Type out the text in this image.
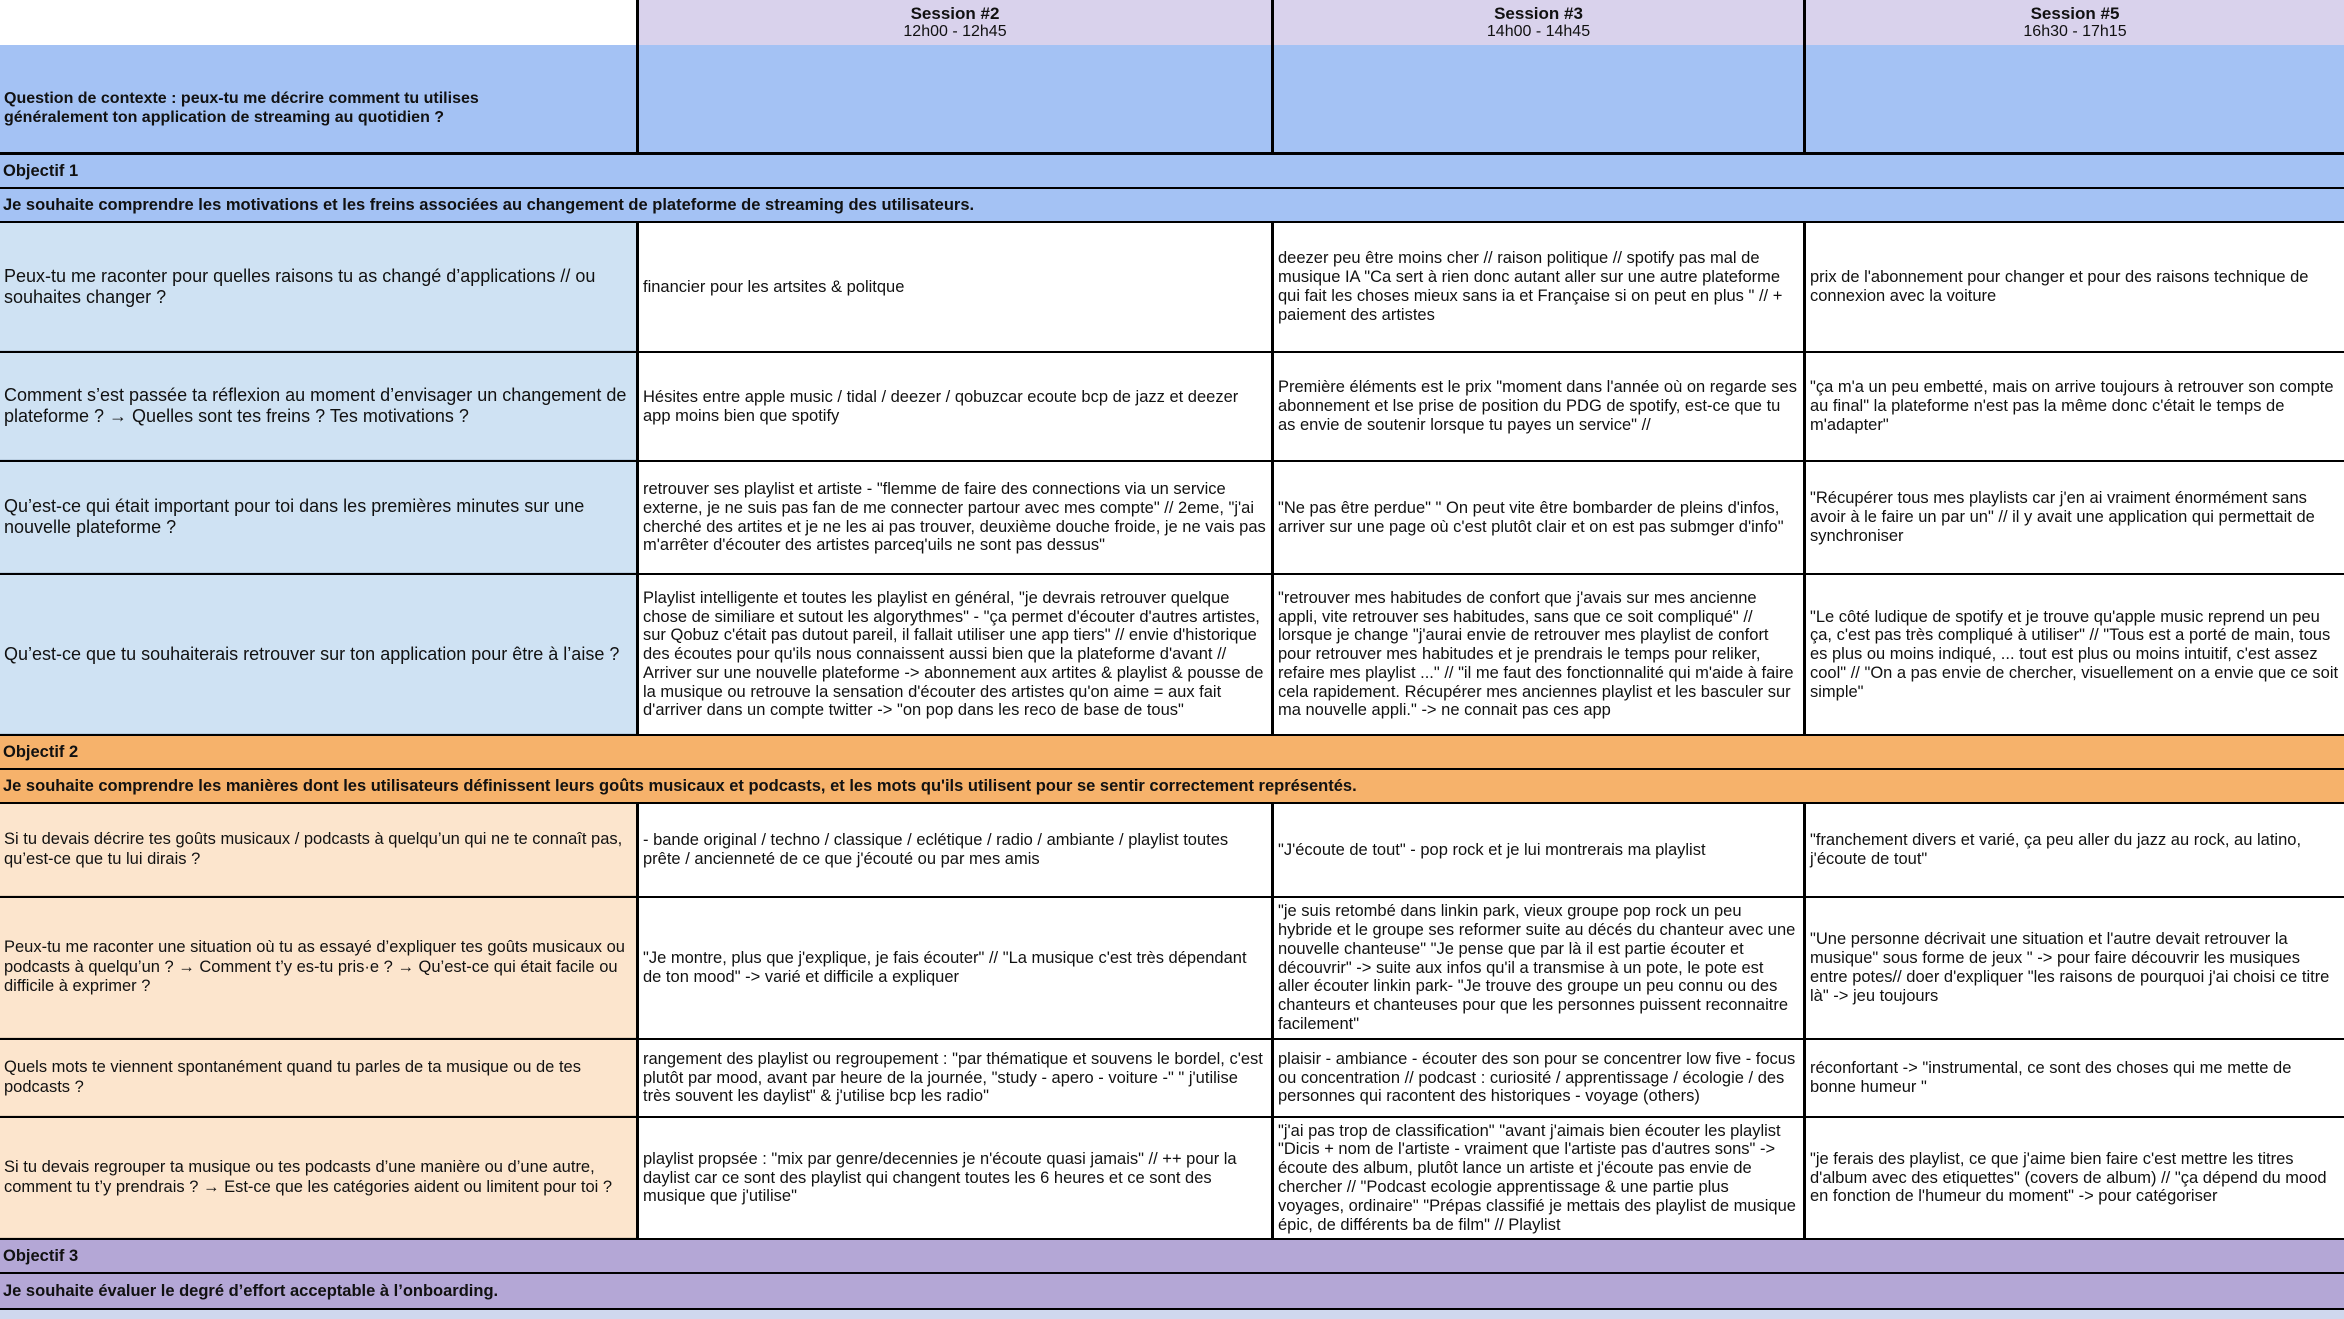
Session #2
12h00 - 12h45
Session #3
14h00 - 14h45
Session #5
16h30 - 17h15
Question de contexte : peux-tu me décrire comment tu utilises
généralement ton application de streaming au quotidien ?
Objectif 1
Je souhaite comprendre les motivations et les freins associées au changement de plateforme de streaming des utilisateurs.
Peux-tu me raconter pour quelles raisons tu as changé d’applications // ou souhaites changer ?	financier pour les artsites & politque
deezer peu être moins cher // raison politique // spotify pas mal de musique IA "Ca sert à rien donc autant aller sur une autre plateforme qui fait les choses mieux sans ia et Française si on peut en plus " // + paiement des artistes
prix de l'abonnement pour changer et pour des raisons technique de connexion avec la voiture
Comment s’est passée ta réflexion au moment d’envisager un changement de plateforme ? → Quelles sont tes freins ? Tes motivations ?
Hésites entre apple music / tidal / deezer / qobuzcar ecoute bcp de jazz et deezer app moins bien que spotify
Première éléments est le prix "moment dans l'année où on regarde ses abonnement et lse prise de position du PDG de spotify, est-ce que tu as envie de soutenir lorsque tu payes un service" //
"ça m'a un peu embetté, mais on arrive toujours à retrouver son compte au final" la plateforme n'est pas la même donc c'était le temps de m'adapter"
Qu’est-ce qui était important pour toi dans les premières minutes sur une nouvelle plateforme ?
retrouver ses playlist et artiste - "flemme de faire des connections via un service externe, je ne suis pas fan de me connecter partour avec mes compte" // 2eme, "j'ai cherché des artites et je ne les ai pas trouver, deuxième douche froide, je ne vais pas m'arrêter d'écouter des artistes parceq'uils ne sont pas dessus"
"Ne pas être perdue" " On peut vite être bombarder de pleins d'infos, arriver sur une page où c'est plutôt clair et on est pas submger d'info"
"Récupérer tous mes playlists car j'en ai vraiment énormément sans avoir à le faire un par un" // il y avait une application qui permettait de synchroniser
Qu’est-ce que tu souhaiterais retrouver sur ton application pour être à l’aise ?
Playlist intelligente et toutes les playlist en général, "je devrais retrouver quelque chose de similiare et sutout les algorythmes" - "ça permet d'écouter d'autres artistes, sur Qobuz c'était pas dutout pareil, il fallait utiliser une app tiers" // envie d'historique des écoutes pour qu'ils nous connaissent aussi bien que la plateforme d'avant // Arriver sur une nouvelle plateforme -> abonnement aux artites & playlist & pousse de la musique ou retrouve la sensation d'écouter des artistes qu'on aime = aux fait d'arriver dans un compte twitter -> "on pop dans les reco de base de tous"
"retrouver mes habitudes de confort que j'avais sur mes ancienne appli, vite retrouver ses habitudes, sans que ce soit compliqué" // lorsque je change "j'aurai envie de retrouver mes playlist de confort pour retrouver mes habitudes et je prendrais le temps pour reliker, refaire mes playlist ..." // "il me faut des fonctionnalité qui m'aide à faire cela rapidement. Récupérer mes anciennes playlist et les basculer sur ma nouvelle appli." -> ne connait pas ces app
"Le côté ludique de spotify et je trouve qu'apple music reprend un peu ça, c'est pas très compliqué à utiliser" // "Tous est a porté de main, tous es plus ou moins indiqué, ... tout est plus ou moins intuitif, c'est assez cool" // "On a pas envie de chercher, visuellement on a envie que ce soit simple"
Objectif 2
Je souhaite comprendre les manières dont les utilisateurs définissent leurs goûts musicaux et podcasts, et les mots qu'ils utilisent pour se sentir correctement représentés.
Si tu devais décrire tes goûts musicaux / podcasts à quelqu’un qui ne te connaît pas, qu’est-ce que tu lui dirais ?
- bande original / techno / classique / eclétique / radio / ambiante / playlist toutes prête / ancienneté de ce que j'écouté ou par mes amis
"J'écoute de tout" - pop rock et je lui montrerais ma playlist
"franchement divers et varié, ça peu aller du jazz au rock, au latino, j'écoute de tout"
Peux-tu me raconter une situation où tu as essayé d’expliquer tes goûts musicaux ou podcasts à quelqu’un ? → Comment t’y es-tu pris·e ? → Qu’est-ce qui était facile ou difficile à exprimer ?
"Je montre, plus que j'explique, je fais écouter" // "La musique c'est très dépendant de ton mood" -> varié et difficile a expliquer
"je suis retombé dans linkin park, vieux groupe pop rock un peu hybride et le groupe ses reformer suite au décés du chanteur avec une nouvelle chanteuse" "Je pense que par là il est partie écouter et découvrir" -> suite aux infos qu'il a transmise à un pote, le pote est aller écouter linkin park- "Je trouve des groupe un peu connu ou des chanteurs et chanteuses pour que les personnes puissent reconnaitre facilement"
"Une personne décrivait une situation et l'autre devait retrouver la musique" sous forme de jeux " -> pour faire découvrir les musiques entre potes// doer d'expliquer "les raisons de pourquoi j'ai choisi ce titre là" -> jeu toujours
Quels mots te viennent spontanément quand tu parles de ta musique ou de tes podcasts ?
rangement des playlist ou regroupement : "par thématique et souvens le bordel, c'est plutôt par mood, avant par heure de la journée, "study - apero - voiture -" " j'utilise très souvent les daylist" & j'utilise bcp les radio"
plaisir - ambiance - écouter des son pour se concentrer low five - focus ou concentration // podcast : curiosité / apprentissage / écologie / des personnes qui racontent des historiques - voyage (others)
réconfortant -> "instrumental, ce sont des choses qui me mette de bonne humeur "
Si tu devais regrouper ta musique ou tes podcasts d’une manière ou d’une autre, comment tu t’y prendrais ? → Est-ce que les catégories aident ou limitent pour toi ?
playlist propsée : "mix par genre/decennies je n'écoute quasi jamais" // ++ pour la daylist car ce sont des playlist qui changent toutes les 6 heures et ce sont des musique que j'utilise"
"j'ai pas trop de classification" "avant j'aimais bien écouter les playlist "Dicis + nom de l'artiste - vraiment que l'artiste pas d'autres sons" -> écoute des album, plutôt lance un artiste et j'écoute pas envie de chercher // "Podcast ecologie apprentissage & une partie plus voyages, ordinaire" "Prépas classifié je mettais des playlist de musique épic, de différents ba de film" // Playlist
"je ferais des playlist, ce que j'aime bien faire c'est mettre les titres d'album avec des etiquettes" (covers de album) // "ça dépend du mood en fonction de l'humeur du moment" -> pour catégoriser
Objectif 3
Je souhaite évaluer le degré d’effort acceptable à l’onboarding.
